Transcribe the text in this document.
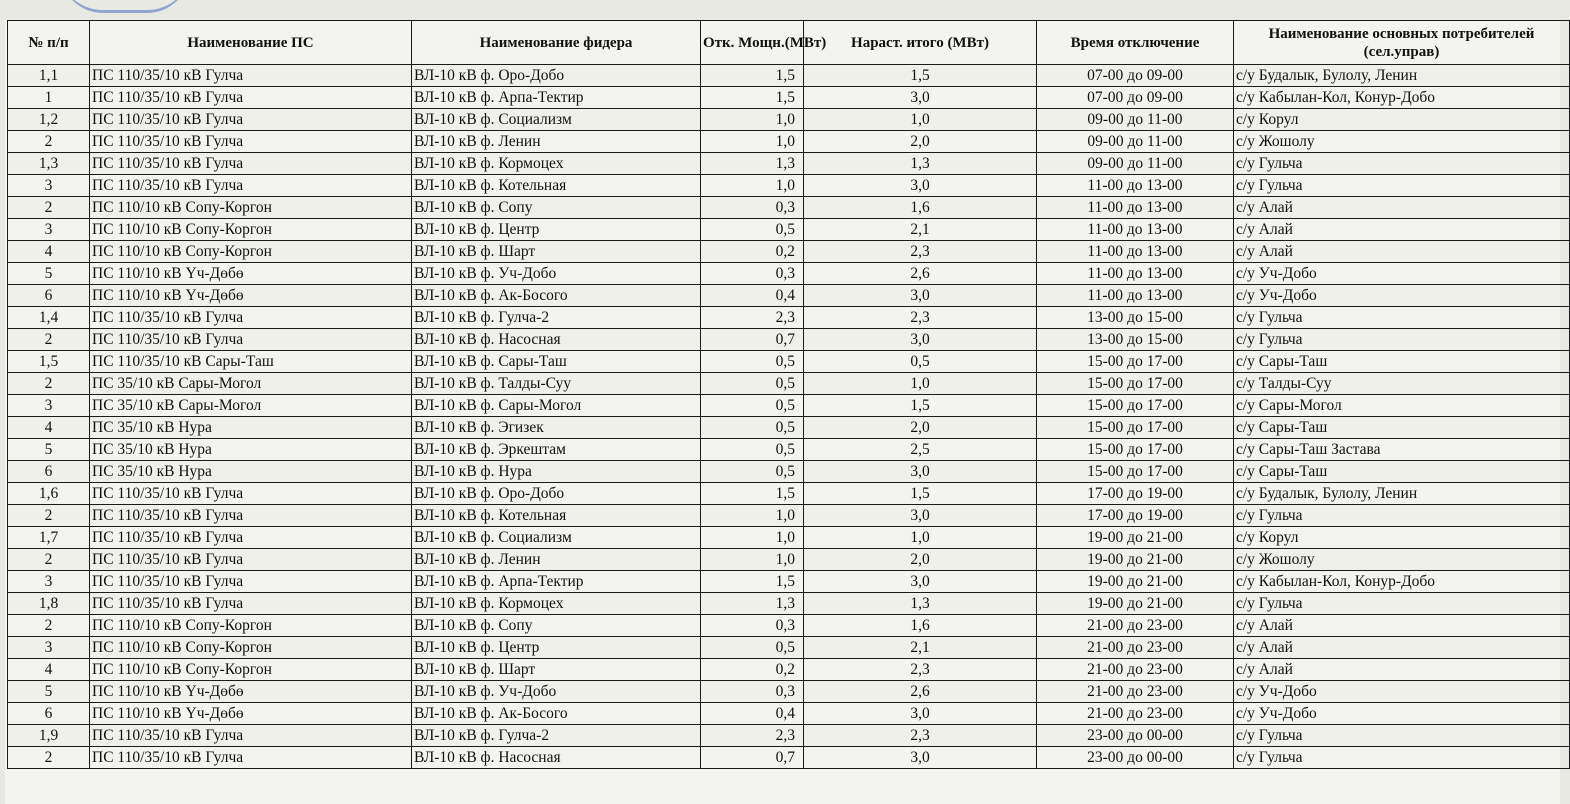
№ п/п	Наименование ПС	Наименование фидера	Отк. Мощн.(МВт)	Нараст. итого (МВт)	Время отключение	Наименование основных потребителей (сел.управ)
1,1	ПС 110/35/10 кВ Гулча	ВЛ-10 кВ ф. Оро-Добо	1,5	1,5	07-00 до 09-00	с/у Будалык, Булолу, Ленин
1	ПС 110/35/10 кВ Гулча	ВЛ-10 кВ ф. Арпа-Тектир	1,5	3,0	07-00 до 09-00	с/у Кабылан-Кол, Конур-Добо
1,2	ПС 110/35/10 кВ Гулча	ВЛ-10 кВ ф. Социализм	1,0	1,0	09-00 до 11-00	с/у Корул
2	ПС 110/35/10 кВ Гулча	ВЛ-10 кВ ф. Ленин	1,0	2,0	09-00 до 11-00	с/у Жошолу
1,3	ПС 110/35/10 кВ Гулча	ВЛ-10 кВ ф. Кормоцех	1,3	1,3	09-00 до 11-00	с/у Гульча
3	ПС 110/35/10 кВ Гулча	ВЛ-10 кВ ф. Котельная	1,0	3,0	11-00 до 13-00	с/у Гульча
2	ПС 110/10 кВ Сопу-Коргон	ВЛ-10 кВ ф. Сопу	0,3	1,6	11-00 до 13-00	с/у Алай
3	ПС 110/10 кВ Сопу-Коргон	ВЛ-10 кВ ф. Центр	0,5	2,1	11-00 до 13-00	с/у Алай
4	ПС 110/10 кВ Сопу-Коргон	ВЛ-10 кВ ф. Шарт	0,2	2,3	11-00 до 13-00	с/у Алай
5	ПС 110/10 кВ Үч-Дөбө	ВЛ-10 кВ ф. Уч-Добо	0,3	2,6	11-00 до 13-00	с/у Уч-Добо
6	ПС 110/10 кВ Үч-Дөбө	ВЛ-10 кВ ф. Ак-Босого	0,4	3,0	11-00 до 13-00	с/у Уч-Добо
1,4	ПС 110/35/10 кВ Гулча	ВЛ-10 кВ ф. Гулча-2	2,3	2,3	13-00 до 15-00	с/у Гульча
2	ПС 110/35/10 кВ Гулча	ВЛ-10 кВ ф. Насосная	0,7	3,0	13-00 до 15-00	с/у Гульча
1,5	ПС 110/35/10 кВ Сары-Таш	ВЛ-10 кВ ф. Сары-Таш	0,5	0,5	15-00 до 17-00	с/у Сары-Таш
2	ПС 35/10 кВ Сары-Могол	ВЛ-10 кВ ф. Талды-Суу	0,5	1,0	15-00 до 17-00	с/у Талды-Суу
3	ПС 35/10 кВ Сары-Могол	ВЛ-10 кВ ф. Сары-Могол	0,5	1,5	15-00 до 17-00	с/у Сары-Могол
4	ПС 35/10 кВ Нура	ВЛ-10 кВ ф. Эгизек	0,5	2,0	15-00 до 17-00	с/у Сары-Таш
5	ПС 35/10 кВ Нура	ВЛ-10 кВ ф. Эркештам	0,5	2,5	15-00 до 17-00	с/у Сары-Таш Застава
6	ПС 35/10 кВ Нура	ВЛ-10 кВ ф. Нура	0,5	3,0	15-00 до 17-00	с/у Сары-Таш
1,6	ПС 110/35/10 кВ Гулча	ВЛ-10 кВ ф. Оро-Добо	1,5	1,5	17-00 до 19-00	с/у Будалык, Булолу, Ленин
2	ПС 110/35/10 кВ Гулча	ВЛ-10 кВ ф. Котельная	1,0	3,0	17-00 до 19-00	с/у Гульча
1,7	ПС 110/35/10 кВ Гулча	ВЛ-10 кВ ф. Социализм	1,0	1,0	19-00 до 21-00	с/у Корул
2	ПС 110/35/10 кВ Гулча	ВЛ-10 кВ ф. Ленин	1,0	2,0	19-00 до 21-00	с/у Жошолу
3	ПС 110/35/10 кВ Гулча	ВЛ-10 кВ ф. Арпа-Тектир	1,5	3,0	19-00 до 21-00	с/у Кабылан-Кол, Конур-Добо
1,8	ПС 110/35/10 кВ Гулча	ВЛ-10 кВ ф. Кормоцех	1,3	1,3	19-00 до 21-00	с/у Гульча
2	ПС 110/10 кВ Сопу-Коргон	ВЛ-10 кВ ф. Сопу	0,3	1,6	21-00 до 23-00	с/у Алай
3	ПС 110/10 кВ Сопу-Коргон	ВЛ-10 кВ ф. Центр	0,5	2,1	21-00 до 23-00	с/у Алай
4	ПС 110/10 кВ Сопу-Коргон	ВЛ-10 кВ ф. Шарт	0,2	2,3	21-00 до 23-00	с/у Алай
5	ПС 110/10 кВ Үч-Дөбө	ВЛ-10 кВ ф. Уч-Добо	0,3	2,6	21-00 до 23-00	с/у Уч-Добо
6	ПС 110/10 кВ Үч-Дөбө	ВЛ-10 кВ ф. Ак-Босого	0,4	3,0	21-00 до 23-00	с/у Уч-Добо
1,9	ПС 110/35/10 кВ Гулча	ВЛ-10 кВ ф. Гулча-2	2,3	2,3	23-00 до 00-00	с/у Гульча
2	ПС 110/35/10 кВ Гулча	ВЛ-10 кВ ф. Насосная	0,7	3,0	23-00 до 00-00	с/у Гульча
